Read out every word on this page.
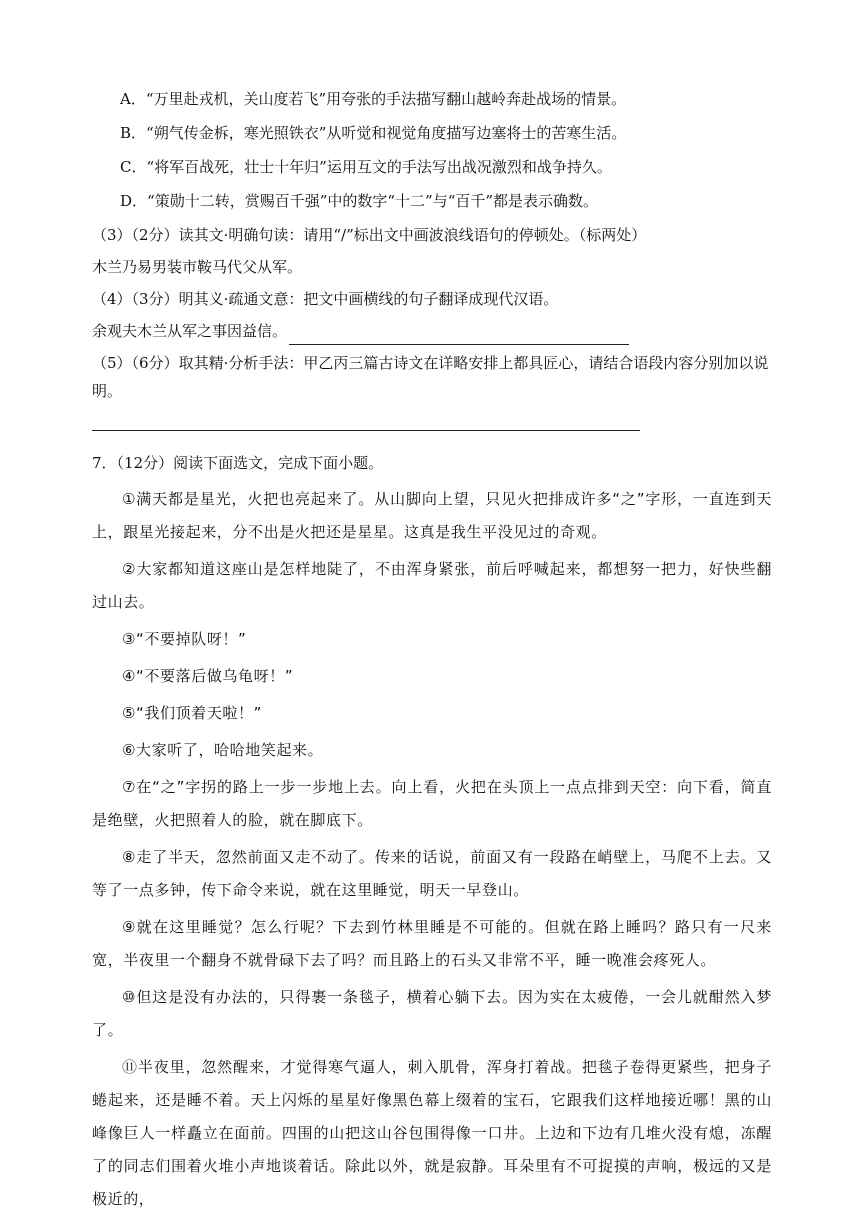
A．“万里赴戎机，关山度若飞”用夸张的手法描写翻山越岭奔赴战场的情景。

B．“朔气传金柝，寒光照铁衣”从听觉和视觉角度描写边塞将士的苦寒生活。

C．“将军百战死，壮士十年归”运用互文的手法写出战况激烈和战争持久。

D．“策勋十二转，赏赐百千强”中的数字“十二”与“百千”都是表示确数。

（3）（2分）读其文·明确句读：请用“/”标出文中画波浪线语句的停顿处。（标两处）

木兰乃易男装市鞍马代父从军。

（4）（3分）明其义·疏通文意：把文中画横线的句子翻译成现代汉语。

余观夫木兰从军之事因益信。

（5）（6分）取其精·分析手法：甲乙丙三篇古诗文在详略安排上都具匠心，请结合语段内容分别加以说明。

7．（12分）阅读下面选文，完成下面小题。

①满天都是星光，火把也亮起来了。从山脚向上望，只见火把排成许多“之”字形，一直连到天上，跟星光接起来，分不出是火把还是星星。这真是我生平没见过的奇观。

②大家都知道这座山是怎样地陡了，不由浑身紧张，前后呼喊起来，都想努一把力，好快些翻过山去。

③“不要掉队呀！”

④“不要落后做乌龟呀！”

⑤“我们顶着天啦！”

⑥大家听了，哈哈地笑起来。

⑦在“之”字拐的路上一步一步地上去。向上看，火把在头顶上一点点排到天空：向下看，简直是绝壁，火把照着人的脸，就在脚底下。

⑧走了半天，忽然前面又走不动了。传来的话说，前面又有一段路在峭壁上，马爬不上去。又等了一点多钟，传下命令来说，就在这里睡觉，明天一早登山。

⑨就在这里睡觉？怎么行呢？下去到竹林里睡是不可能的。但就在路上睡吗？路只有一尺来宽，半夜里一个翻身不就骨碌下去了吗？而且路上的石头又非常不平，睡一晚准会疼死人。

⑩但这是没有办法的，只得裹一条毯子，横着心躺下去。因为实在太疲倦，一会儿就酣然入梦了。

⑪半夜里，忽然醒来，才觉得寒气逼人，刺入肌骨，浑身打着战。把毯子卷得更紧些，把身子蜷起来，还是睡不着。天上闪烁的星星好像黑色幕上缀着的宝石，它跟我们这样地接近哪！黑的山峰像巨人一样矗立在面前。四围的山把这山谷包围得像一口井。上边和下边有几堆火没有熄，冻醒了的同志们围着火堆小声地谈着话。除此以外，就是寂静。耳朵里有不可捉摸的声响，极远的又是极近的，
